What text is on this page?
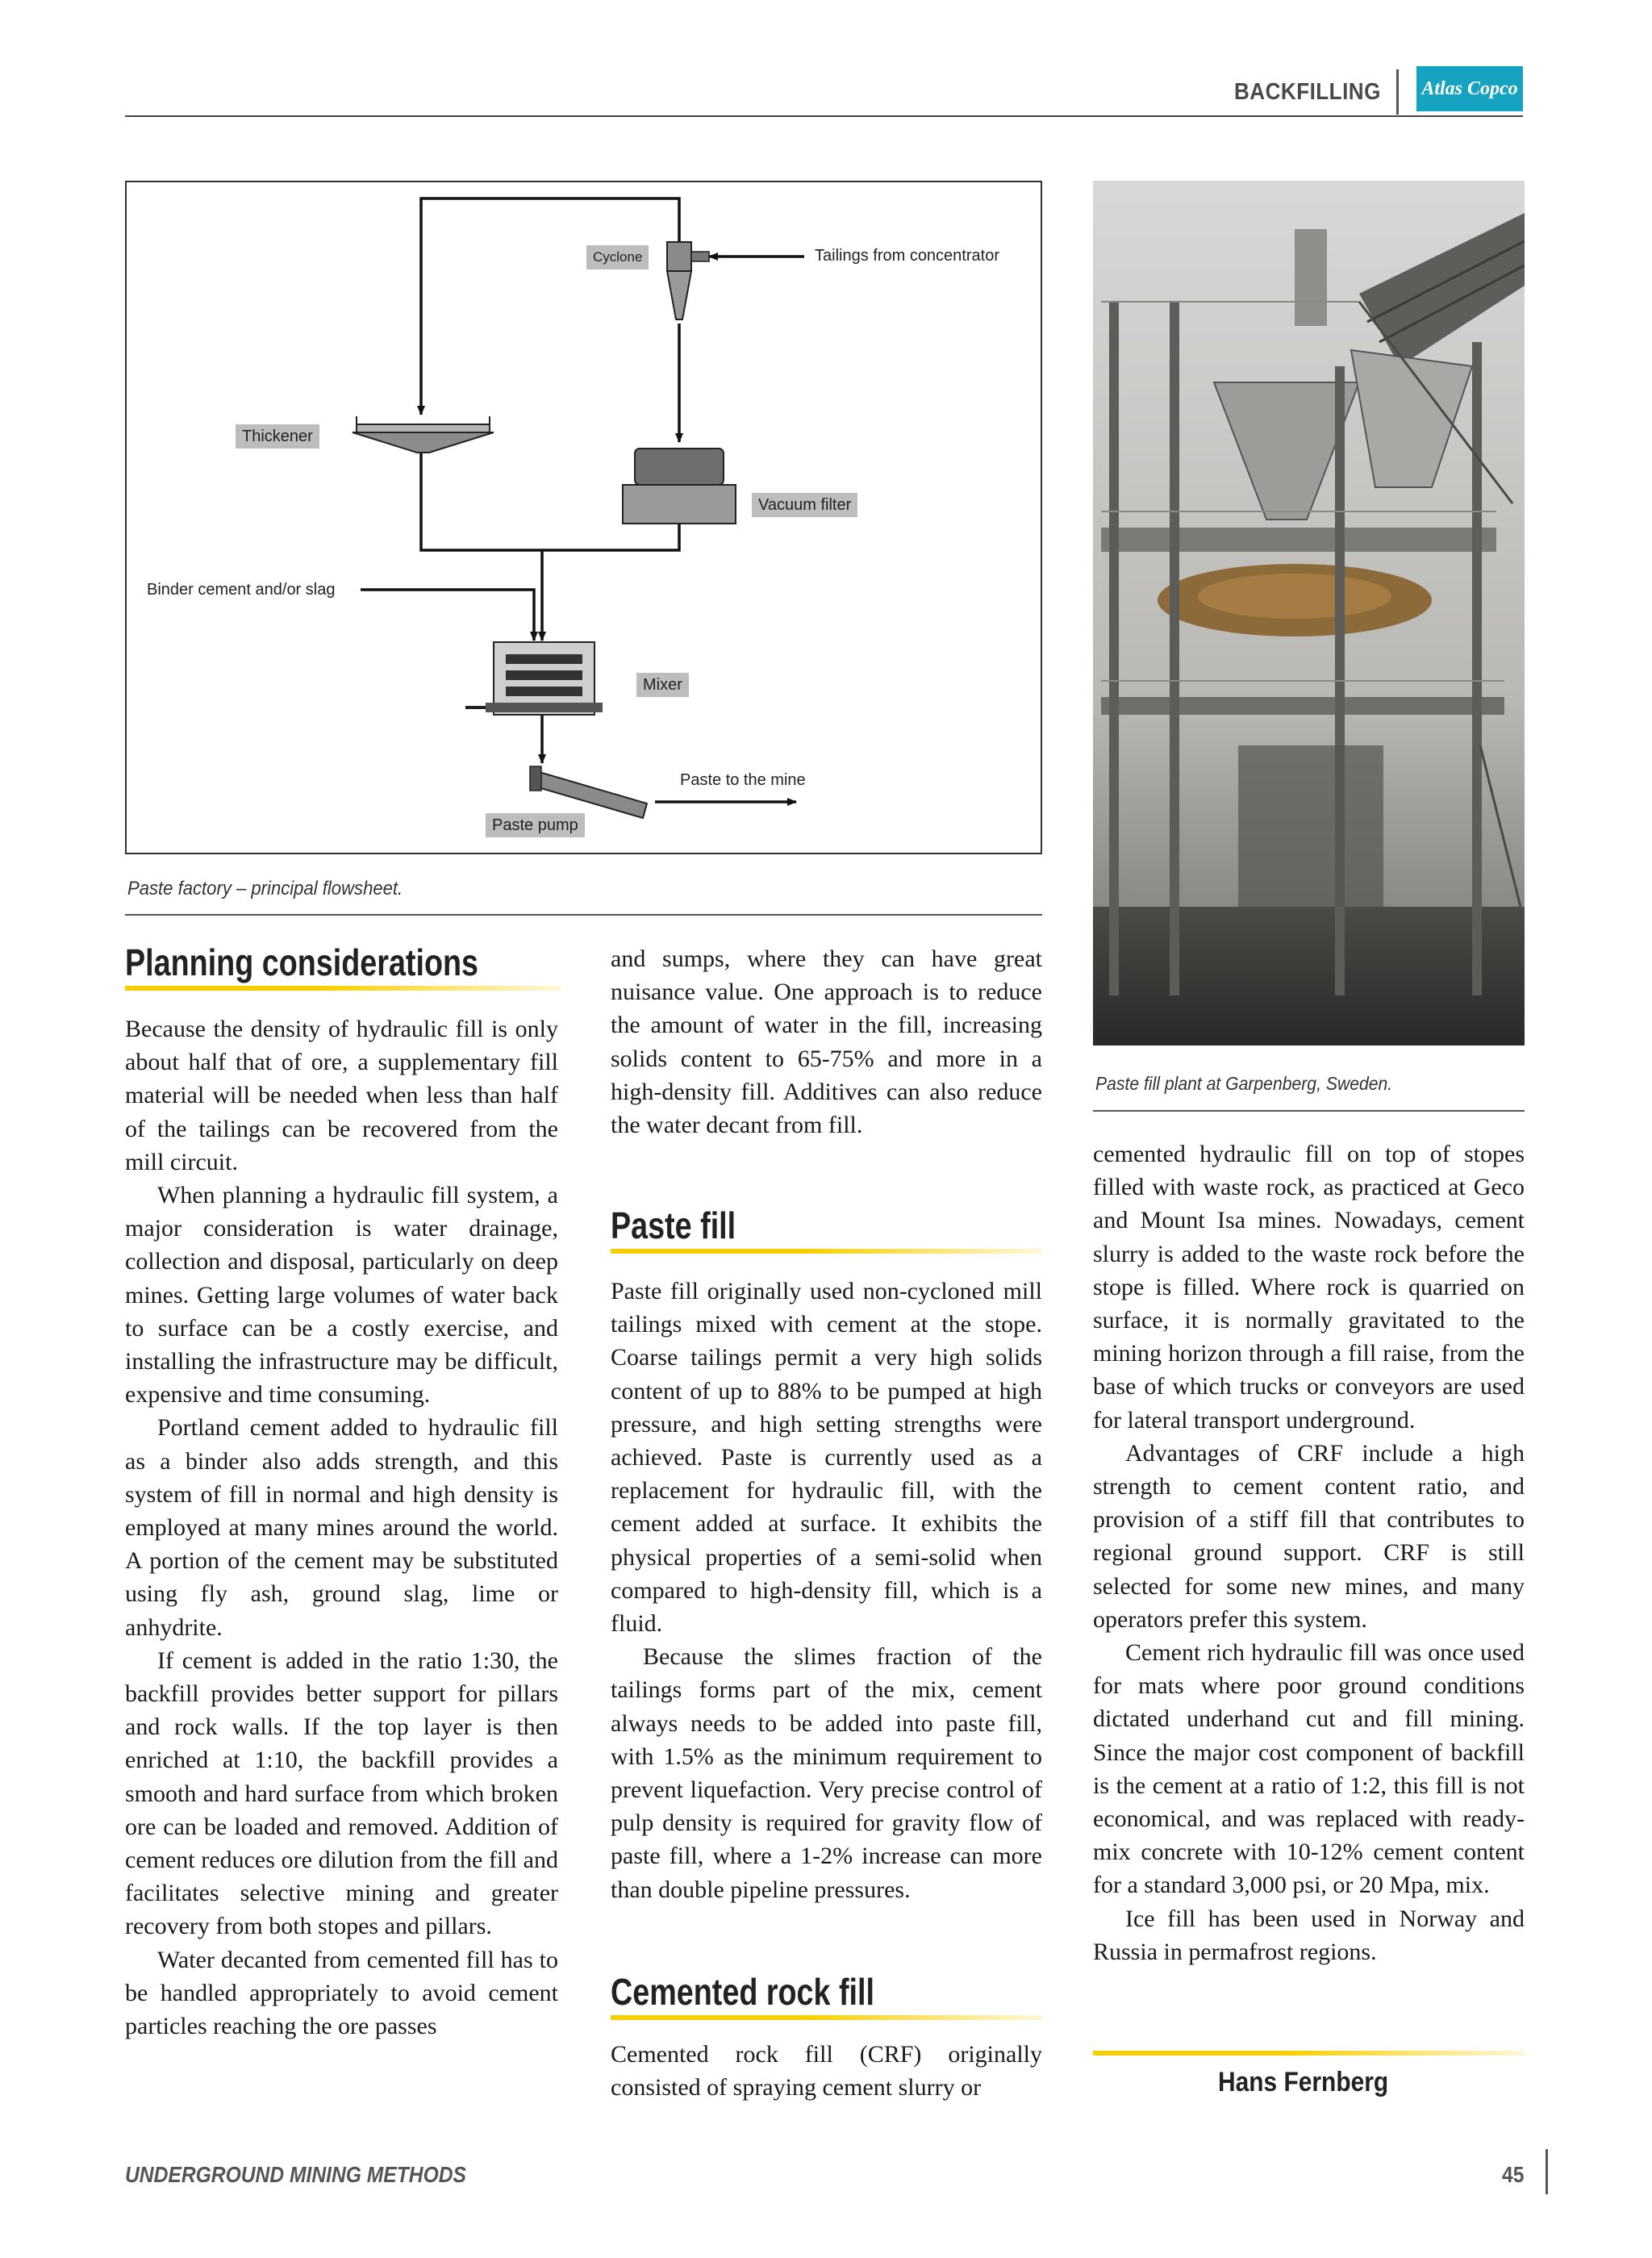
BACKFILLING Atlas Copco
Cyclone	Tailings from concentrator
Thickener
Vacuum filter
Binder cement and/or slag
Mixer
Paste to the mine
Paste pump
Paste factory – principal flowsheet.
Paste fill plant at Garpenberg, Sweden.
Planning considerations

Because the density of hydraulic fill is only about half that of ore, a supplementary fill material will be needed when less than half of the tailings can be recovered from the mill circuit.

When planning a hydraulic fill system, a major consideration is water drainage, collection and disposal, particularly on deep mines. Getting large volumes of water back to surface can be a costly exercise, and installing the infrastructure may be difficult, expensive and time consuming.

Portland cement added to hydraulic fill as a binder also adds strength, and this system of fill in normal and high density is employed at many mines around the world. A portion of the cement may be substituted using fly ash, ground slag, lime or anhydrite.

If cement is added in the ratio 1:30, the backfill provides better support for pillars and rock walls. If the top layer is then enriched at 1:10, the backfill provides a smooth and hard surface from which broken ore can be loaded and removed. Addition of cement reduces ore dilution from the fill and facilitates selective mining and greater recovery from both stopes and pillars.

Water decanted from cemented fill has to be handled appropriately to avoid cement particles reaching the ore passes

and sumps, where they can have great nuisance value. One approach is to reduce the amount of water in the fill, increasing solids content to 65-75% and more in a high-density fill. Additives can also reduce the water decant from fill.

Paste fill

Paste fill originally used non-cycloned mill tailings mixed with cement at the stope. Coarse tailings permit a very high solids content of up to 88% to be pumped at high pressure, and high setting strengths were achieved. Paste is currently used as a replacement for hydraulic fill, with the cement added at surface. It exhibits the physical properties of a semi-solid when compared to high-density fill, which is a fluid.

Because the slimes fraction of the tailings forms part of the mix, cement always needs to be added into paste fill, with 1.5% as the minimum requirement to prevent liquefaction. Very precise control of pulp density is required for gravity flow of paste fill, where a 1-2% increase can more than double pipeline pressures.

Cemented rock fill

Cemented rock fill (CRF) originally consisted of spraying cement slurry or

cemented hydraulic fill on top of stopes filled with waste rock, as practiced at Geco and Mount Isa mines. Nowadays, cement slurry is added to the waste rock before the stope is filled. Where rock is quarried on surface, it is normally gravitated to the mining horizon through a fill raise, from the base of which trucks or conveyors are used for lateral transport underground.

Advantages of CRF include a high strength to cement content ratio, and provision of a stiff fill that contributes to regional ground support. CRF is still selected for some new mines, and many operators prefer this system.

Cement rich hydraulic fill was once used for mats where poor ground conditions dictated underhand cut and fill mining. Since the major cost component of backfill is the cement at a ratio of 1:2, this fill is not economical, and was replaced with ready-mix concrete with 10-12% cement content for a standard 3,000 psi, or 20 Mpa, mix.

Ice fill has been used in Norway and Russia in permafrost regions.

Hans Fernberg
UNDERGROUND MINING METHODS	45
